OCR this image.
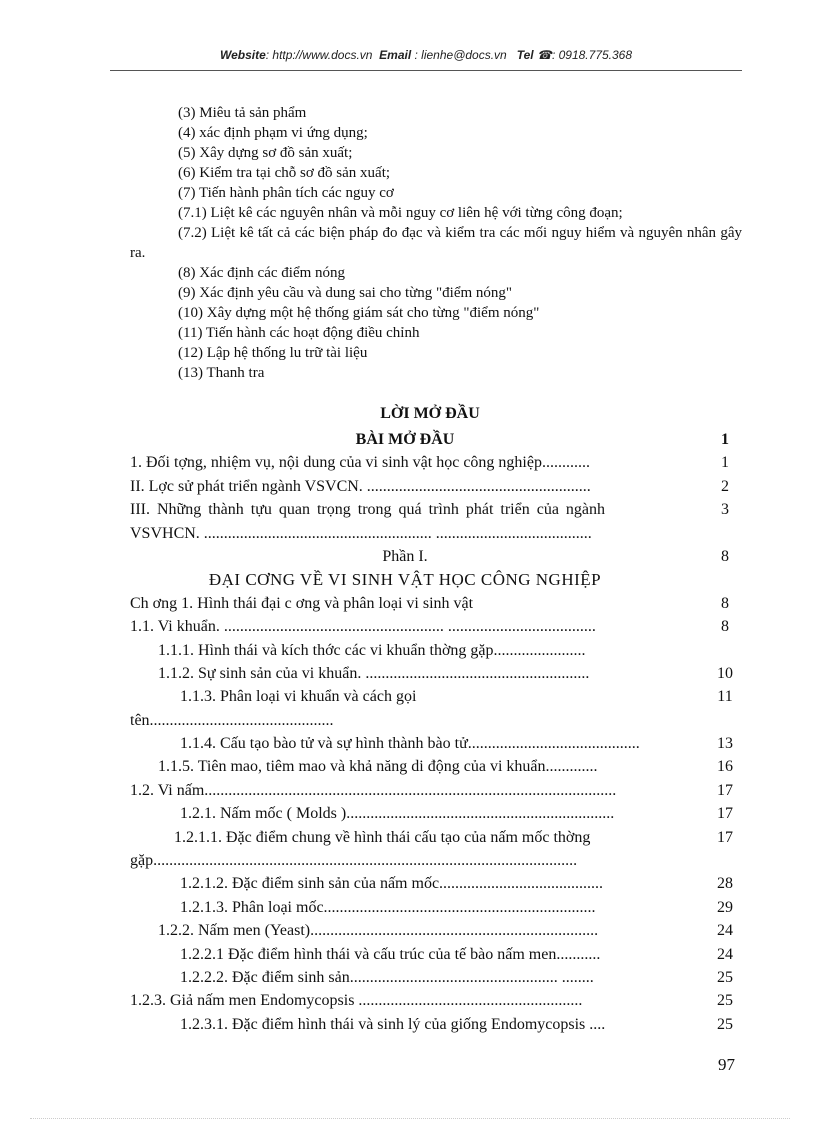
Website: http://www.docs.vn Email : lienhe@docs.vn Tel ☎: 0918.775.368
(3) Miêu tả sản phẩm
(4) xác định phạm vi ứng dụng;
(5) Xây dựng sơ đồ sản xuất;
(6) Kiểm tra tại chỗ sơ đồ sản xuất;
(7) Tiến hành phân tích các nguy cơ
(7.1) Liệt kê các nguyên nhân và mỗi nguy cơ liên hệ với từng công đoạn;
(7.2) Liệt kê tất cả các biện pháp đo đạc và kiểm tra các mối nguy hiểm và nguyên nhân gây ra.
(8) Xác định các điểm nóng
(9) Xác định yêu cầu và dung sai cho từng "điểm nóng"
(10) Xây dựng một hệ thống giám sát cho từng "điểm nóng"
(11) Tiến hành các hoạt động điều chỉnh
(12) Lập hệ thống lu trữ tài liệu
(13) Thanh tra
LỜI MỞ ĐẦU
BÀI MỞ ĐẦU	1
1. Đối tợng, nhiệm vụ, nội dung của vi sinh vật học công nghiệp............	1
II. Lợc sử phát triển ngành VSVCN. ........................................................	2
III. Những thành tựu quan trọng trong quá trình phát triển của ngành	3
VSVHCN. ......................................................... .......................................
Phần I.	8
ĐẠI CƠNG VỀ VI SINH VẬT HỌC CÔNG NGHIỆP
Ch ơng 1. Hình thái đại c ơng và phân loại vi sinh vật	8
1.1. Vi khuẩn. ....................................................... .....................................	8
1.1.1. Hình thái và kích thớc các vi khuẩn thờng gặp.......................
1.1.2. Sự sinh sản của vi khuẩn. ........................................................	10
1.1.3. Phân loại vi khuẩn và cách gọi	11
tên..............................................
1.1.4. Cấu tạo bào tử và sự hình thành bào tử...........................................	13
1.1.5. Tiên mao, tiêm mao và khả năng di động của vi khuẩn.............	16
1.2. Vi nấm.......................................................................................................	17
1.2.1. Nấm mốc ( Molds )...................................................................	17
1.2.1.1. Đặc điểm chung về hình thái cấu tạo của nấm mốc thờng	17
gặp..........................................................................................................
1.2.1.2. Đặc điểm sinh sản của nấm mốc.........................................	28
1.2.1.3. Phân loại mốc....................................................................	29
1.2.2. Nấm men (Yeast)........................................................................	24
1.2.2.1 Đặc điểm hình thái và cấu trúc của tế bào nấm men...........	24
1.2.2.2. Đặc điểm sinh sản.................................................... ........	25
1.2.3. Giả nấm men Endomycopsis ........................................................	25
1.2.3.1. Đặc điểm hình thái và sinh lý của giống Endomycopsis ....	25
97
